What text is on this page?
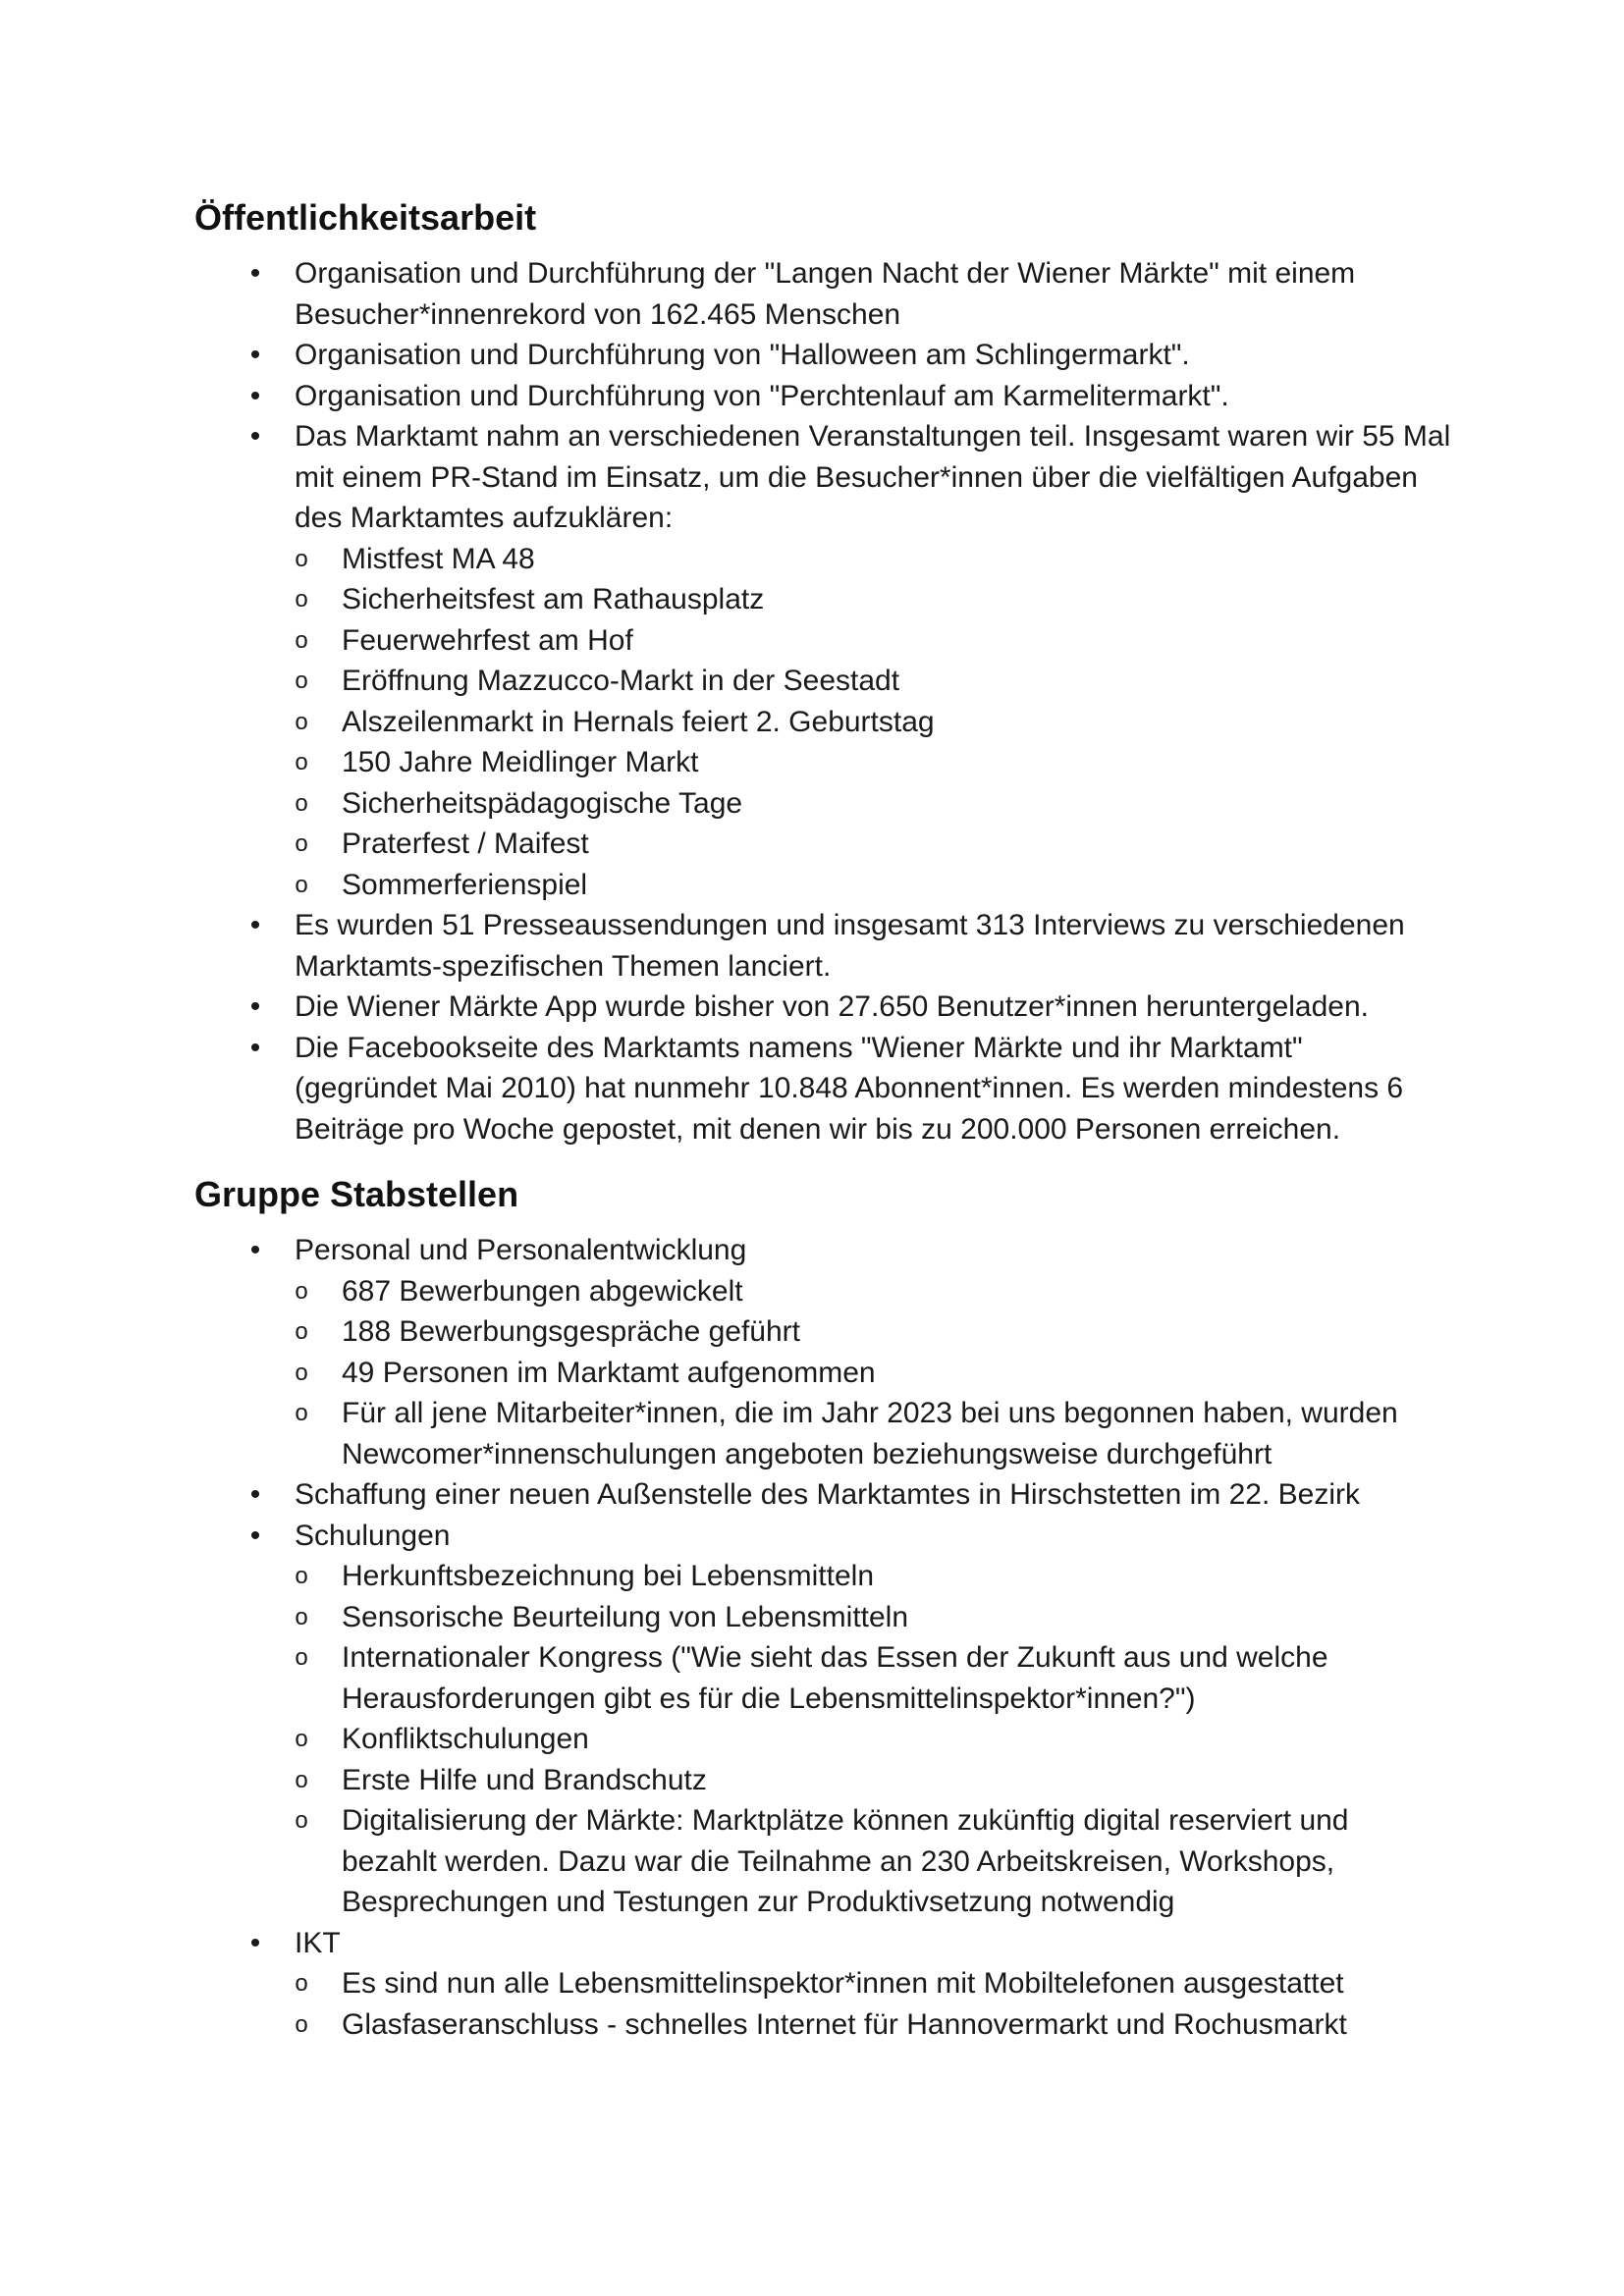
Öffentlichkeitsarbeit
• Organisation und Durchführung der "Langen Nacht der Wiener Märkte" mit einem Besucher*innenrekord von 162.465 Menschen
• Organisation und Durchführung von "Halloween am Schlingermarkt".
• Organisation und Durchführung von "Perchtenlauf am Karmelitermarkt".
• Das Marktamt nahm an verschiedenen Veranstaltungen teil. Insgesamt waren wir 55 Mal mit einem PR-Stand im Einsatz, um die Besucher*innen über die vielfältigen Aufgaben des Marktamtes aufzuklären:
o Mistfest MA 48
o Sicherheitsfest am Rathausplatz
o Feuerwehrfest am Hof
o Eröffnung Mazzucco-Markt in der Seestadt
o Alszeilenmarkt in Hernals feiert 2. Geburtstag
o 150 Jahre Meidlinger Markt
o Sicherheitspädagogische Tage
o Praterfest / Maifest
o Sommerferienspiel
• Es wurden 51 Presseaussendungen und insgesamt 313 Interviews zu verschiedenen Marktamts-spezifischen Themen lanciert.
• Die Wiener Märkte App wurde bisher von 27.650 Benutzer*innen heruntergeladen.
• Die Facebookseite des Marktamts namens "Wiener Märkte und ihr Marktamt" (gegründet Mai 2010) hat nunmehr 10.848 Abonnent*innen. Es werden mindestens 6 Beiträge pro Woche gepostet, mit denen wir bis zu 200.000 Personen erreichen.
Gruppe Stabstellen
• Personal und Personalentwicklung
o 687 Bewerbungen abgewickelt
o 188 Bewerbungsgespräche geführt
o 49 Personen im Marktamt aufgenommen
o Für all jene Mitarbeiter*innen, die im Jahr 2023 bei uns begonnen haben, wurden Newcomer*innenschulungen angeboten beziehungsweise durchgeführt
• Schaffung einer neuen Außenstelle des Marktamtes in Hirschstetten im 22. Bezirk
• Schulungen
o Herkunftsbezeichnung bei Lebensmitteln
o Sensorische Beurteilung von Lebensmitteln
o Internationaler Kongress ("Wie sieht das Essen der Zukunft aus und welche Herausforderungen gibt es für die Lebensmittelinspektor*innen?")
o Konfliktschulungen
o Erste Hilfe und Brandschutz
o Digitalisierung der Märkte: Marktplätze können zukünftig digital reserviert und bezahlt werden. Dazu war die Teilnahme an 230 Arbeitskreisen, Workshops, Besprechungen und Testungen zur Produktivsetzung notwendig
• IKT
o Es sind nun alle Lebensmittelinspektor*innen mit Mobiltelefonen ausgestattet
o Glasfaseranschluss - schnelles Internet für Hannovermarkt und Rochusmarkt
